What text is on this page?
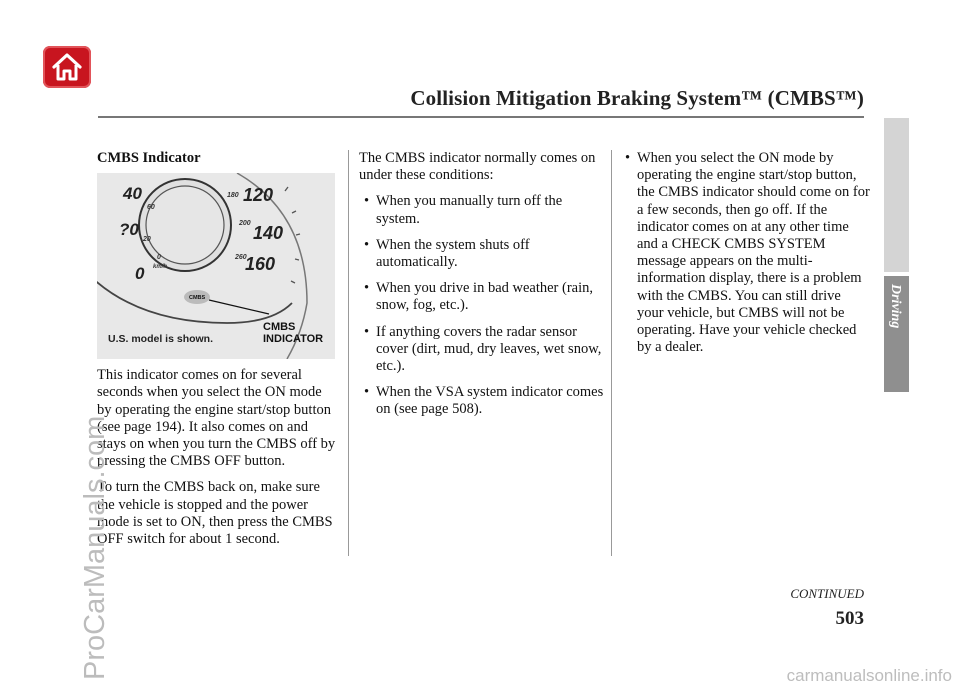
Collision Mitigation Braking System™ (CMBS™)
Driving
CMBS Indicator
40
?0
0
120
140
160
60
20
0
180
200
260
km/h
CMBS
CMBS
INDICATOR
U.S. model is shown.

This indicator comes on for several seconds when you select the ON mode by operating the engine start/stop button (see page 194). It also comes on and stays on when you turn the CMBS off by pressing the CMBS OFF button.

To turn the CMBS back on, make sure the vehicle is stopped and the power mode is set to ON, then press the CMBS OFF switch for about 1 second.

The CMBS indicator normally comes on under these conditions:

• When you manually turn off the system.
• When the system shuts off automatically.
• When you drive in bad weather (rain, snow, fog, etc.).
• If anything covers the radar sensor cover (dirt, mud, dry leaves, wet snow, etc.).
• When the VSA system indicator comes on (see page 508).
• When you select the ON mode by operating the engine start/stop button, the CMBS indicator should come on for a few seconds, then go off. If the indicator comes on at any other time and a CHECK CMBS SYSTEM message appears on the multi-information display, there is a problem with the CMBS. You can still drive your vehicle, but CMBS will not be operating. Have your vehicle checked by a dealer.
CONTINUED
503
ProCarManuals.com	carmanualsonline.info
